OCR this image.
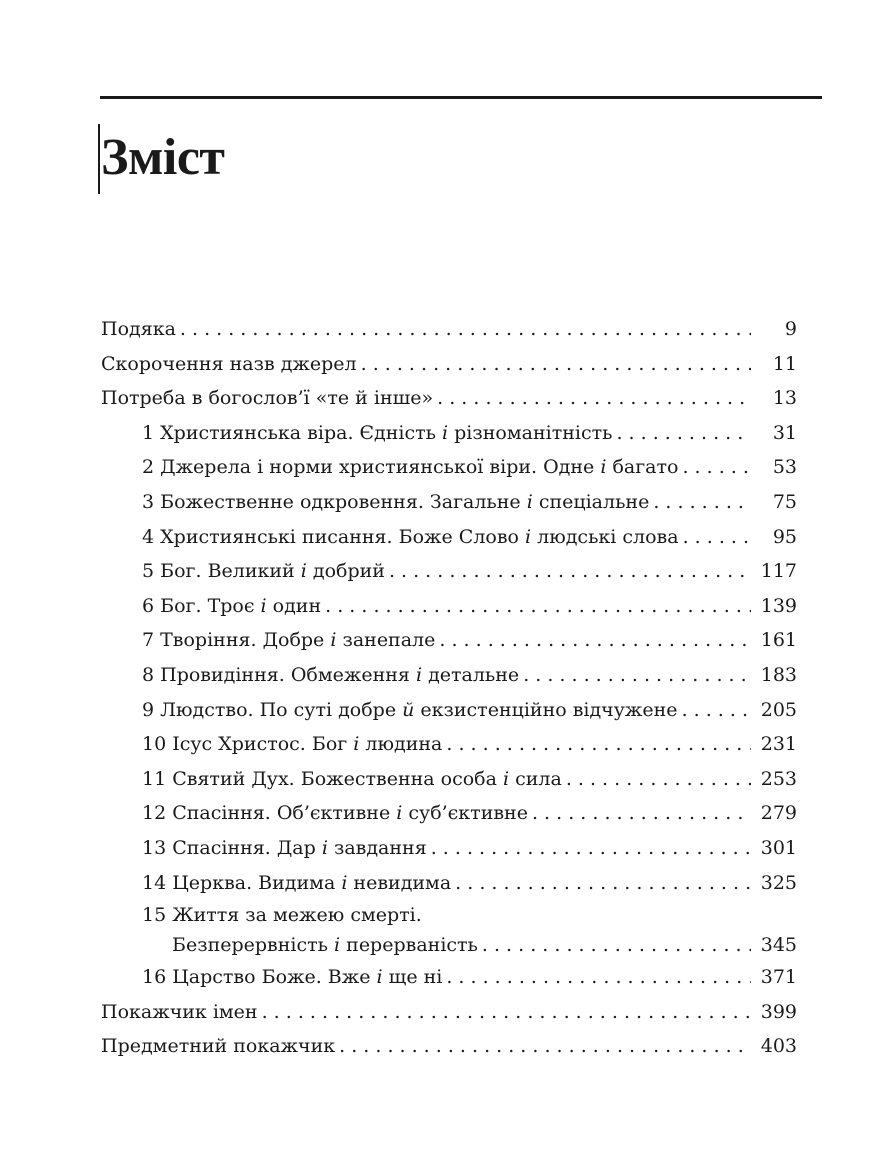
Зміст
Подяка . . .	9
Скорочення назв джерел . . .	11
Потреба в богослов’ї «те й інше» . . .	13
1 Християнська віра. Єдність і різноманітність . . .	31
2 Джерела і норми християнської віри. Одне і багато . . .	53
3 Божественне одкровення. Загальне і спеціальне . . .	75
4 Християнські писання. Боже Слово і людські слова . . .	95
5 Бог. Великий і добрий . . .	117
6 Бог. Троє і один . . .	139
7 Творіння. Добре і занепале . . .	161
8 Провидіння. Обмеження і детальне . . .	183
9 Людство. По суті добре й екзистенційно відчужене . . .	205
10 Ісус Христос. Бог і людина . . .	231
11 Святий Дух. Божественна особа і сила . . .	253
12 Спасіння. Об’єктивне і суб’єктивне . . .	279
13 Спасіння. Дар і завдання . . .	301
14 Церква. Видима і невидима . . .	325
15 Життя за межею смерті.
Безперервність і перерваність . . .	345
16 Царство Боже. Вже і ще ні . . .	371
Покажчик імен . . .	399
Предметний покажчик . . .	403
